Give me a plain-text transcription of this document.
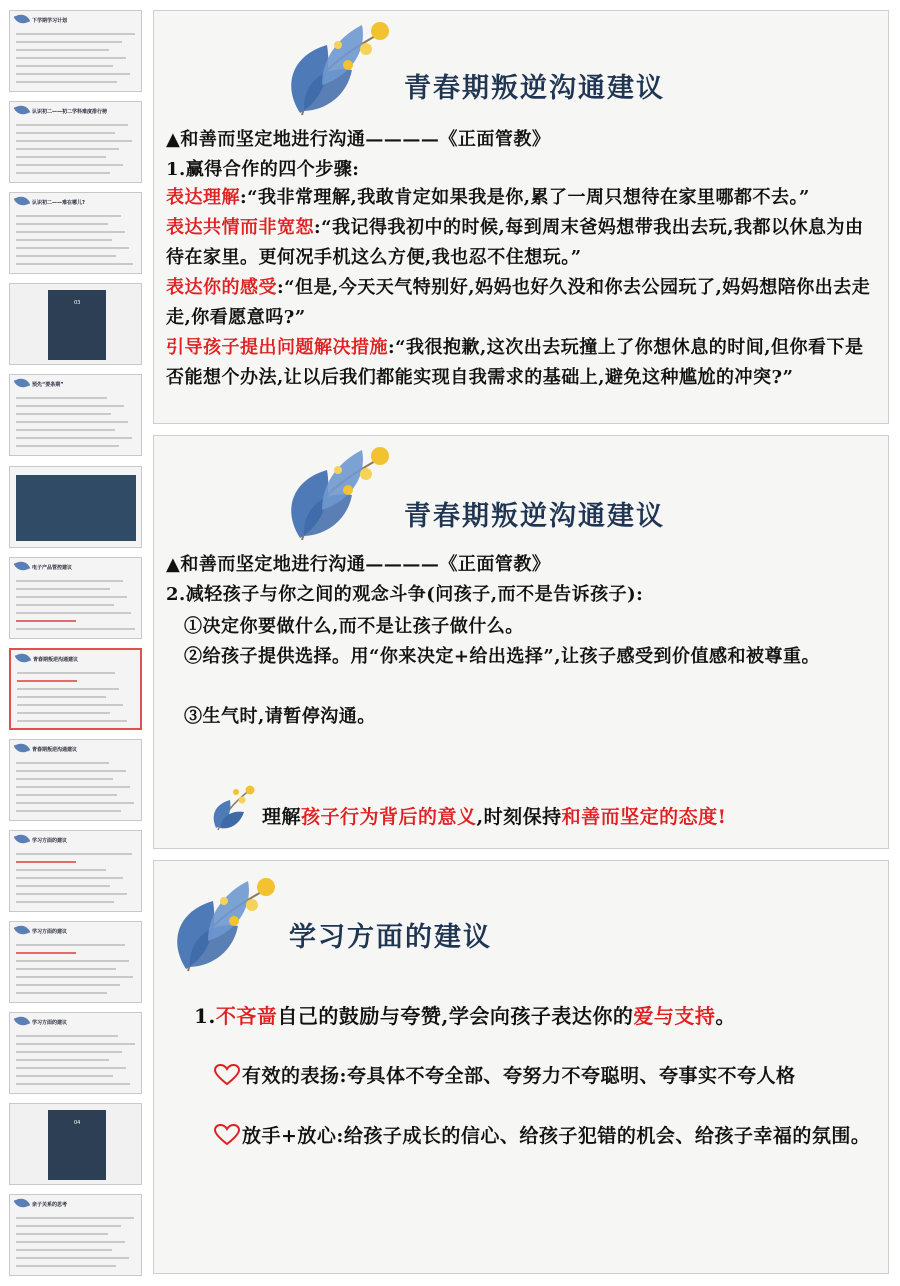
下学期学习计划
认识初二——初二学科难度排行榜
认识初二——难在哪儿?
03
预先“要条期”
电子产品管控建议
青春期叛逆沟通建议
青春期叛逆沟通建议
学习方面的建议
学习方面的建议
学习方面的建议
04
亲子关系的思考
青春期叛逆沟通建议
▲和善而坚定地进行沟通————《正面管教》
1.赢得合作的四个步骤:
表达理解:“我非常理解,我敢肯定如果我是你,累了一周只想待在家里哪都不去。”
表达共情而非宽恕:“我记得我初中的时候,每到周末爸妈想带我出去玩,我都以休息为由待在家里。更何况手机这么方便,我也忍不住想玩。”
表达你的感受:“但是,今天天气特别好,妈妈也好久没和你去公园玩了,妈妈想陪你出去走走,你看愿意吗?”
引导孩子提出问题解决措施:“我很抱歉,这次出去玩撞上了你想休息的时间,但你看下是否能想个办法,让以后我们都能实现自我需求的基础上,避免这种尴尬的冲突?”
青春期叛逆沟通建议
▲和善而坚定地进行沟通————《正面管教》
2.减轻孩子与你之间的观念斗争(问孩子,而不是告诉孩子):
①决定你要做什么,而不是让孩子做什么。
②给孩子提供选择。用“你来决定+给出选择”,让孩子感受到价值感和被尊重。
③生气时,请暂停沟通。
理解孩子行为背后的意义,时刻保持和善而坚定的态度!
学习方面的建议
1.不吝啬自己的鼓励与夸赞,学会向孩子表达你的爱与支持。
有效的表扬:夸具体不夸全部、夸努力不夸聪明、夸事实不夸人格
放手+放心:给孩子成长的信心、给孩子犯错的机会、给孩子幸福的氛围。
